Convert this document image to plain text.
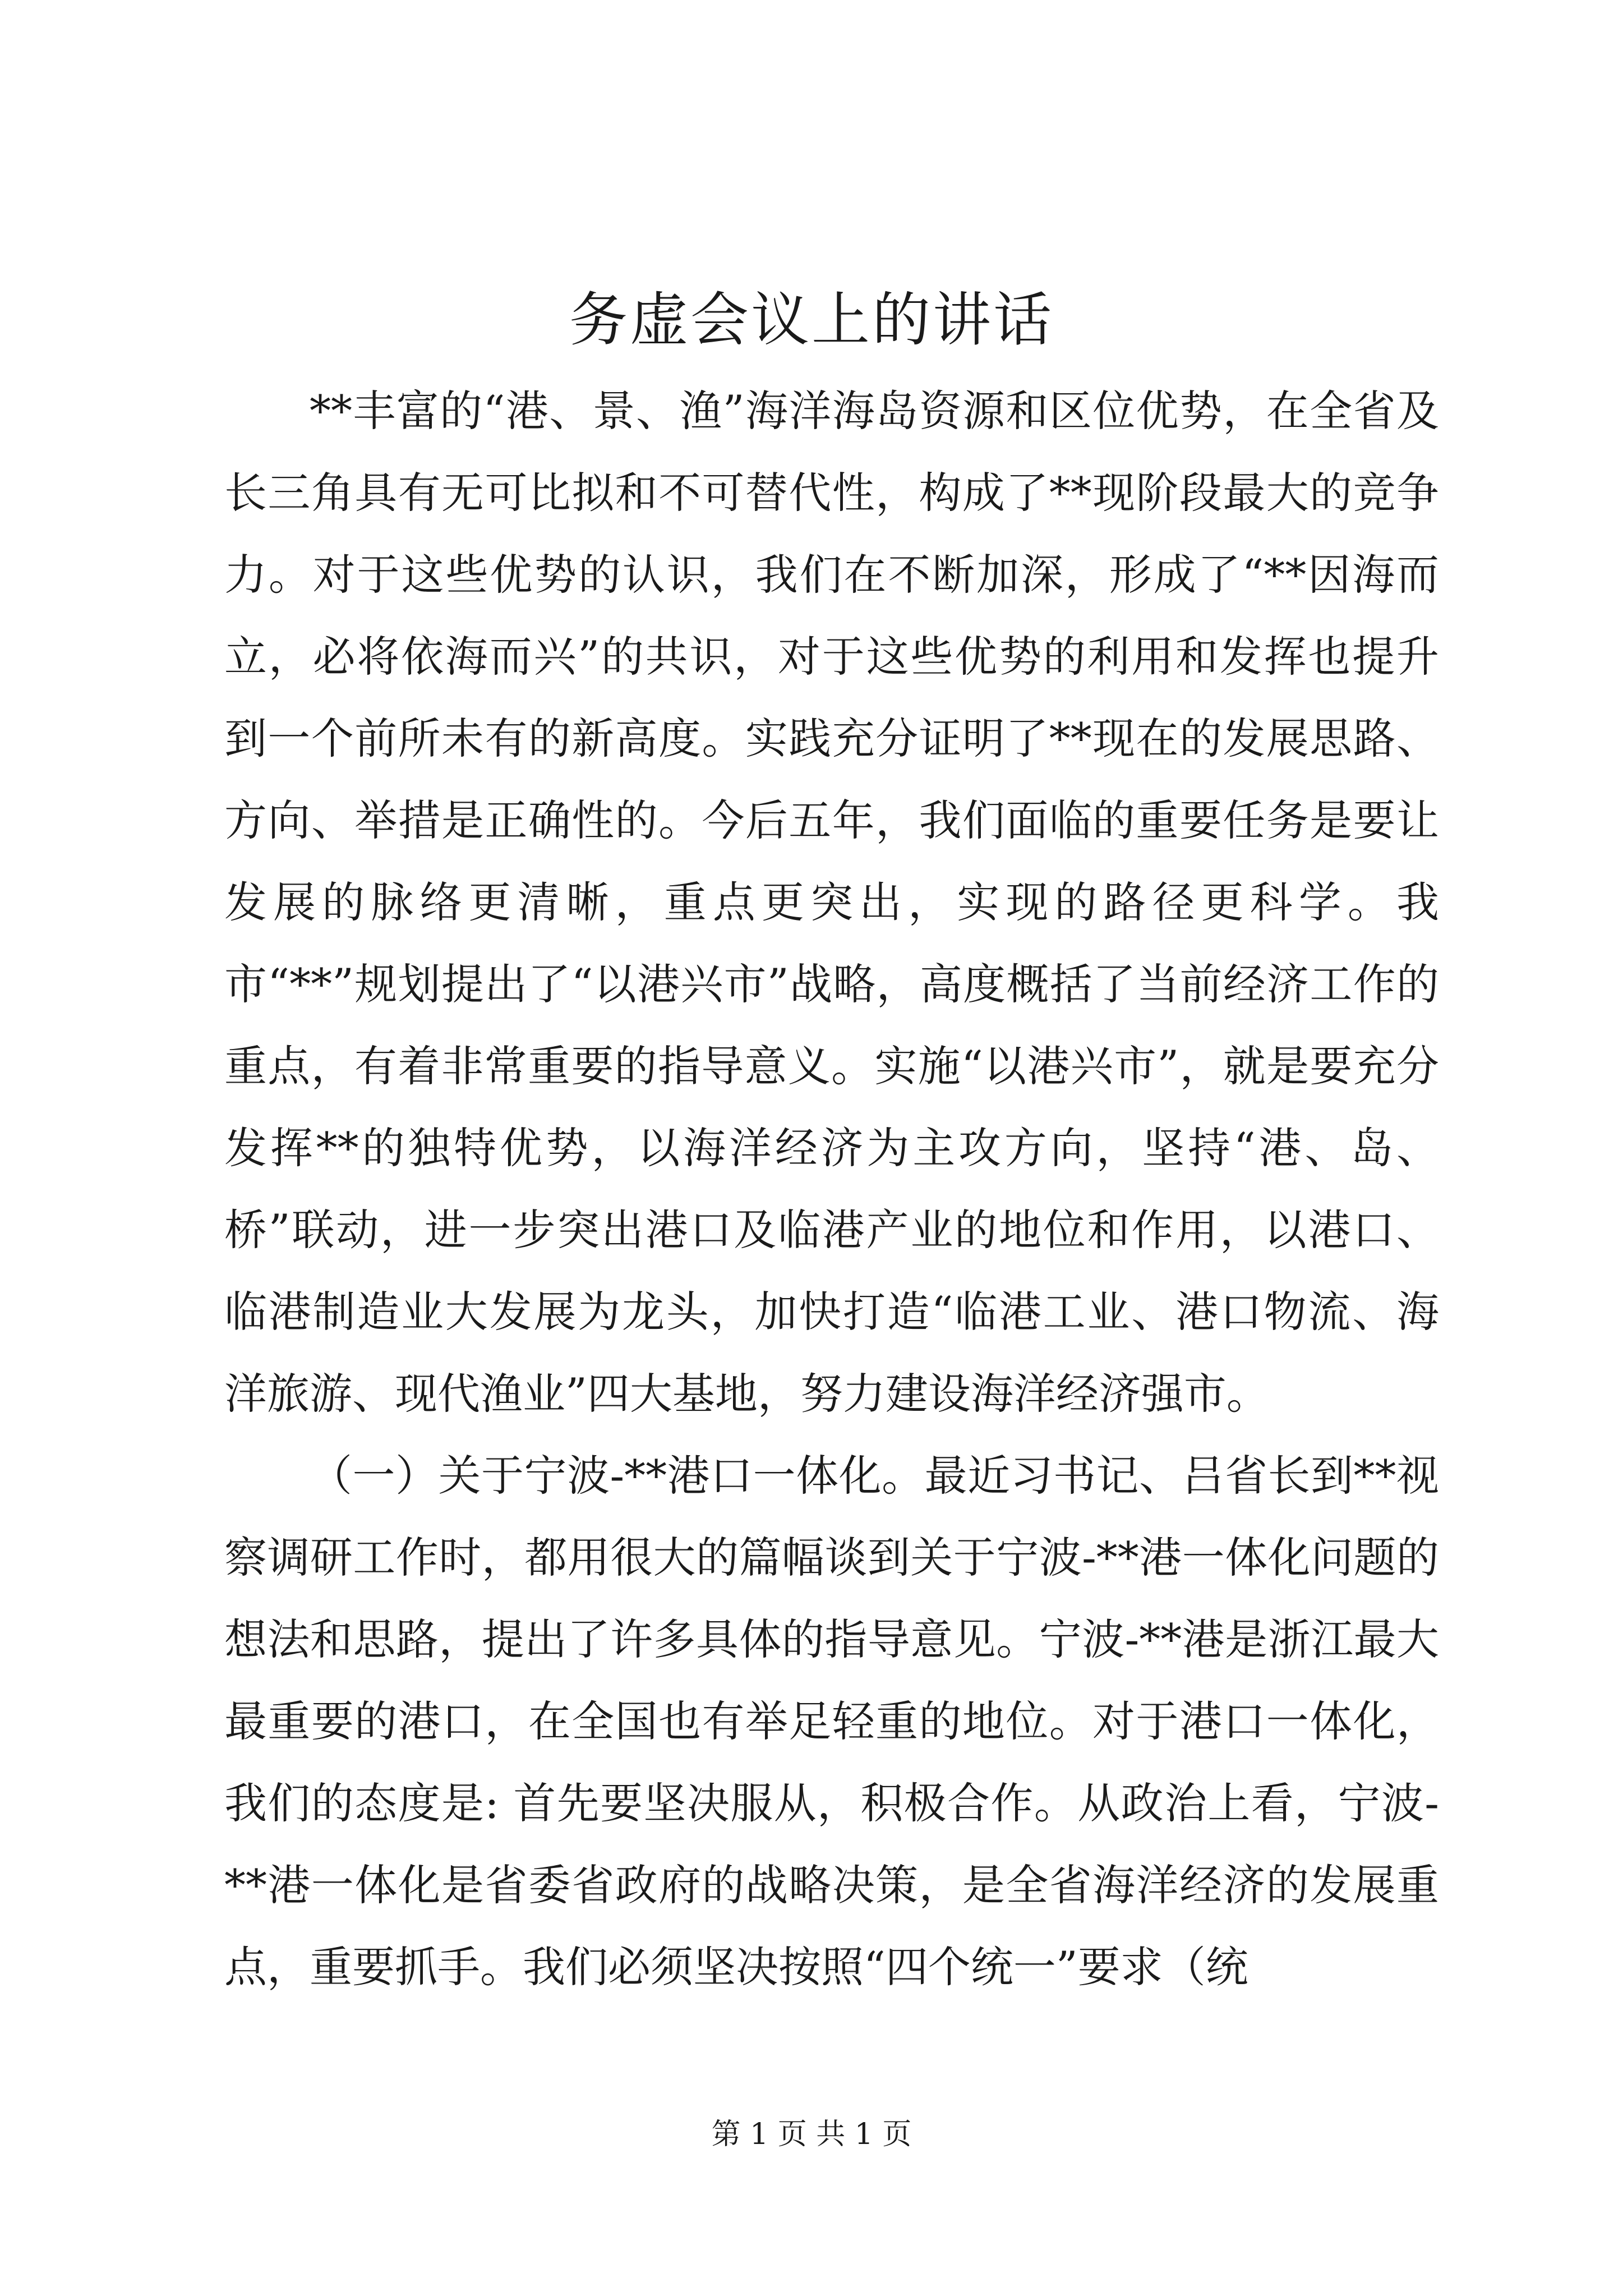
务虚会议上的讲话

**丰富的“港、景、渔”海洋海岛资源和区位优势，在全省及长三角具有无可比拟和不可替代性，构成了**现阶段最大的竞争力。对于这些优势的认识，我们在不断加深，形成了“**因海而立，必将依海而兴”的共识，对于这些优势的利用和发挥也提升到一个前所未有的新高度。实践充分证明了**现在的发展思路、方向、举措是正确性的。今后五年，我们面临的重要任务是要让发展的脉络更清晰，重点更突出，实现的路径更科学。我市“**”规划提出了“以港兴市”战略，高度概括了当前经济工作的重点，有着非常重要的指导意义。实施“以港兴市”，就是要充分发挥**的独特优势，以海洋经济为主攻方向，坚持“港、岛、桥”联动，进一步突出港口及临港产业的地位和作用，以港口、临港制造业大发展为龙头，加快打造“临港工业、港口物流、海洋旅游、现代渔业”四大基地，努力建设海洋经济强市。

（一）关于宁波-**港口一体化。最近习书记、吕省长到**视察调研工作时，都用很大的篇幅谈到关于宁波-**港一体化问题的想法和思路，提出了许多具体的指导意见。宁波-**港是浙江最大最重要的港口，在全国也有举足轻重的地位。对于港口一体化，我们的态度是: 首先要坚决服从，积极合作。从政治上看，宁波-**港一体化是省委省政府的战略决策，是全省海洋经济的发展重点，重要抓手。我们必须坚决按照“四个统一”要求（统

第 1 页 共 1 页
